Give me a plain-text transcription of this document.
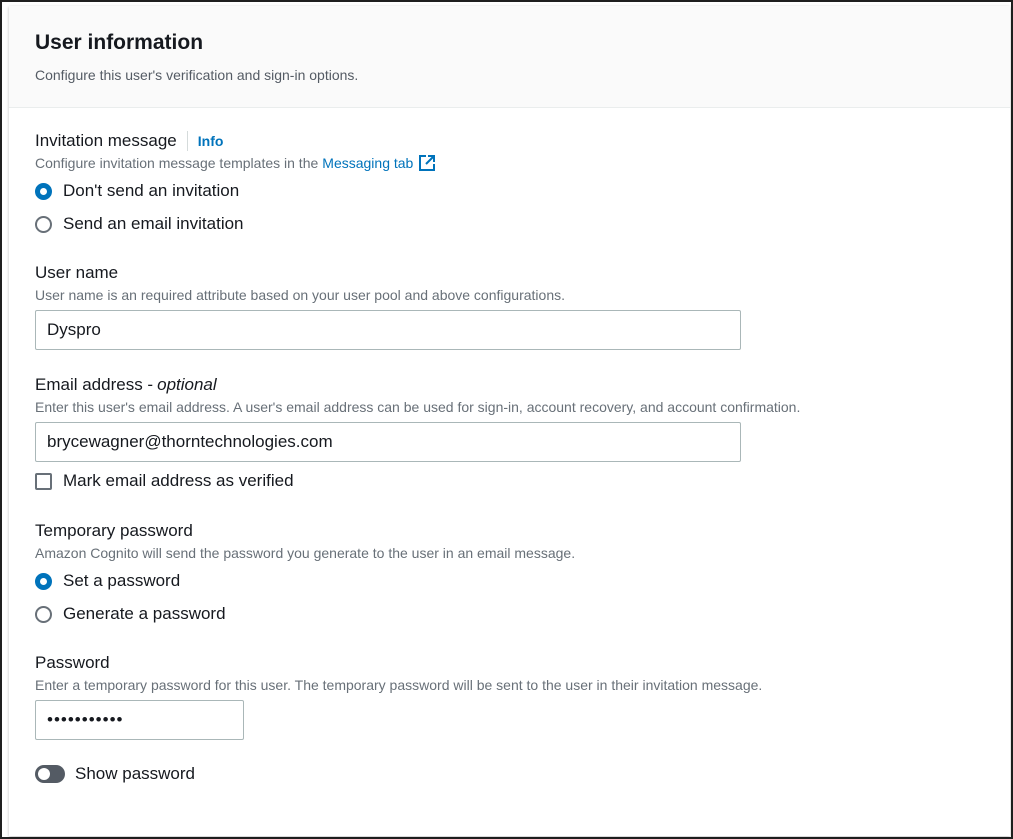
User information
Configure this user's verification and sign-in options.
Invitation message	Info
Configure invitation message templates in the Messaging tab
Don't send an invitation
Send an email invitation
User name
User name is an required attribute based on your user pool and above configurations.
Dyspro
Email address - optional
Enter this user's email address. A user's email address can be used for sign-in, account recovery, and account confirmation.
brycewagner@thorntechnologies.com
Mark email address as verified
Temporary password
Amazon Cognito will send the password you generate to the user in an email message.
Set a password
Generate a password
Password
Enter a temporary password for this user. The temporary password will be sent to the user in their invitation message.
•••••••••••
Show password
